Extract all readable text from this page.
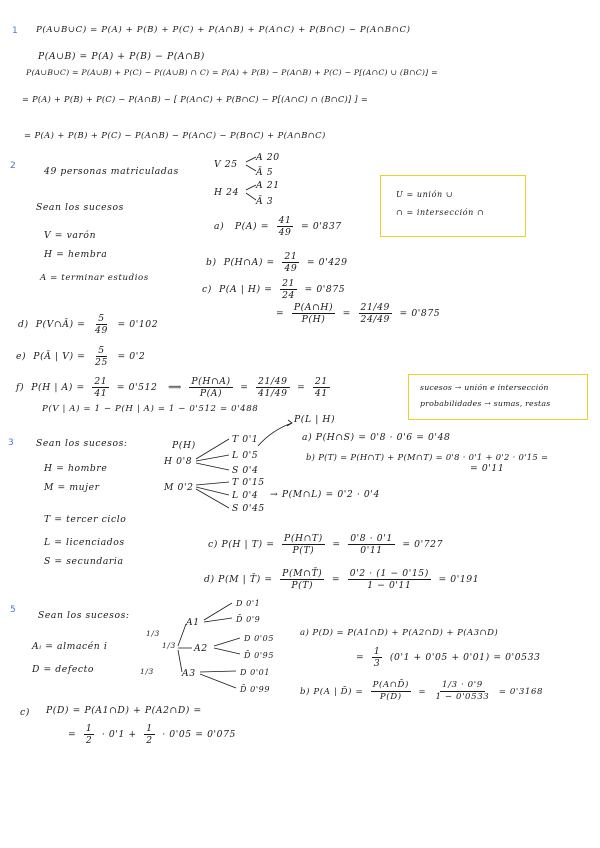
1 P(A∪B∪C) = P(A) + P(B) + P(C) + P(A∩B) + P(A∩C) + P(B∩C) − P(A∩B∩C)
P(A∪B) = P(A) + P(B) − P(A∩B)
P(A∪B∪C) = P(A∪B) + P(C) − P((A∪B) ∩ C) = P(A) + P(B) − P(A∩B) + P(C) − P[(A∩C) ∪ (B∩C)] =
= P(A) + P(B) + P(C) − P(A∩B) − [ P(A∩C) + P(B∩C) − P[(A∩C) ∩ (B∩C)] ] =
= P(A) + P(B) + P(C) − P(A∩B) − P(A∩C) − P(B∩C) + P(A∩B∩C)
2	49 personas matriculadas
V 25
A 20
Ā 5
H 24
A 21
Ā 3
U = unión ∪
∩ = intersección ∩
Sean los sucesos
V = varón
H = hembra
A = terminar estudios
a) $P(A) = \frac{41}{49} = 0'837$
b) P(H∩A) = $\frac{21}{49} = 0'429$
c) P(A | $H) = \frac{21}{24} = 0'875$
= $\frac{P(A\cap H)}{P(H)} = \frac{21/49}{24/49} = 0'875$
d) P(V∩Ā) = $\frac{5}{49} = 0'102$
e) P(Ā | $V) = \frac{5}{25} = 0'2$
f) P(H | $A) = \frac{21}{41} = 0'512$ ⟹ $\frac{P(H\cap A)}{P(A)} = \frac{21/49}{41/49} = \frac{21}{41}$
P(V | A) = 1 − P(H | A) = 1 − 0'512 = 0'488
sucesos → unión e intersección
probabilidades → sumas, restas
3 Sean los sucesos:
H = hombre
M = mujer
T = tercer ciclo
L = licenciados
S = secundaria
P(H)
H 0'8
T 0'1
L 0'5
S 0'4
M 0'2	T 0'15
L 0'4
S 0'45
P(L | H)
→ P(M∩L) = 0'2 · 0'4
a) P(H∩S) = 0'8 · 0'6 = 0'48
b) P(T) = P(H∩T) + P(M∩T) = 0'8 · 0'1 + 0'2 · 0'15 =
= 0'11
c) P(H | $T) = \frac{P(H\cap T)}{P(T)} = \frac{0'8 \cdot 0'1}{0'11} = 0'727$
d) P(M | T̄) = $\frac{P(M\cap T̄)}{P(T̄)} = \frac{0'2 \cdot (1 - 0'15)}{1 - 0'11} = 0'191$
5 Sean los sucesos:
Aᵢ = almacén i
D = defecto
1/3
1/3
1/3
A1
A2
A3
D 0'1
D̄ 0'9
D 0'05
D̄ 0'95
D 0'01
D̄ 0'99
a) P(D) = P(A1∩D) + P(A2∩D) + P(A3∩D)
= $\frac{1}{3} (0'1 + 0'05 + 0'01) = 0'0533$
b) P(A | D̄) = $\frac{P(A\cap D̄)}{P(D̄)} = \frac{1/3 \cdot 0'9}{1 - 0'0533} = 0'3168$
c) P(D) = P(A1∩D) + P(A2∩D) =
= $\frac{1}{2} \cdot 0'1 + \frac{1}{2} \cdot 0'05 = 0'075$
